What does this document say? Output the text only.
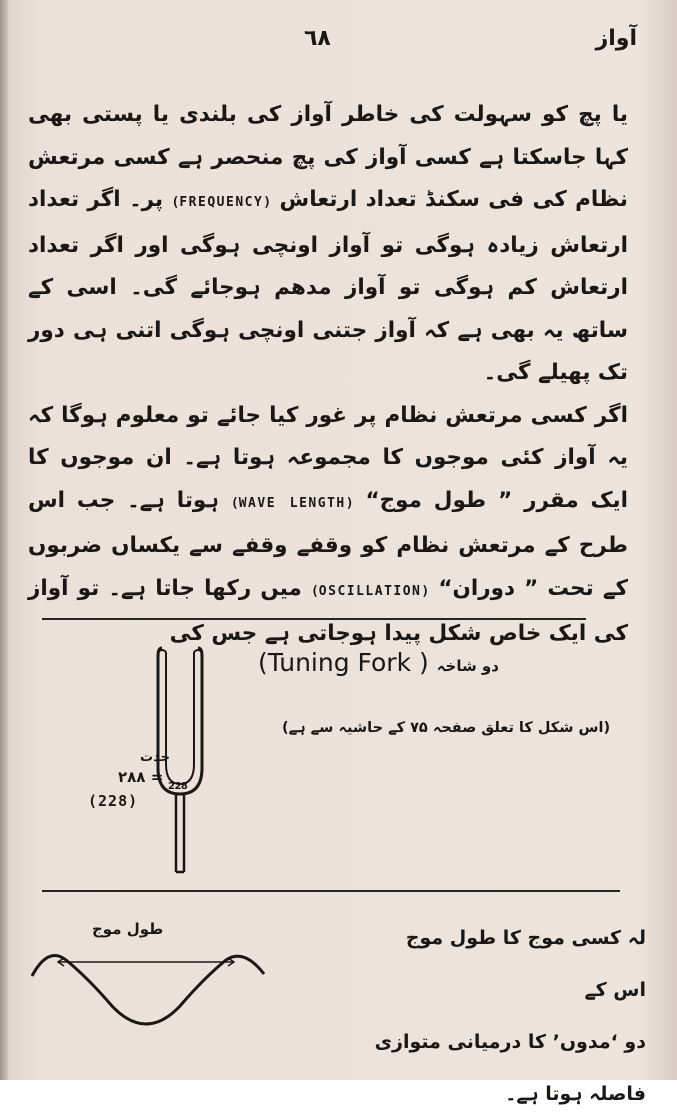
٦٨	آواز

یا پچ کو سہولت کی خاطر آواز کی بلندی یا پستی بھی کہا جاسکتا ہے کسی آواز کی پچ منحصر ہے کسی مرتعش نظام کی فی سکنڈ تعداد ارتعاش (FREQUENCY) پر۔ اگر تعداد ارتعاش زیادہ ہوگی تو آواز اونچی ہوگی اور اگر تعداد ارتعاش کم ہوگی تو آواز مدھم ہوجائے گی۔ اسی کے ساتھ یہ بھی ہے کہ آواز جتنی اونچی ہوگی اتنی ہی دور تک پھیلے گی۔

اگر کسی مرتعش نظام پر غور کیا جائے تو معلوم ہوگا کہ یہ آواز کئی موجوں کا مجموعہ ہوتا ہے۔ ان موجوں کا ایک مقرر ” طول موج“ (WAVE LENGTH) ہوتا ہے۔ جب اس طرح کے مرتعش نظام کو وقفے وقفے سے یکساں ضربوں کے تحت ” دوران“ (OSCILLATION) میں رکھا جاتا ہے۔ تو آواز کی ایک خاص شکل پیدا ہوجاتی ہے جس کی

(Tuning Fork ) دو شاخہ
(اس شکل کا تعلق صفحہ ۷۵ کے حاشیہ سے ہے)
228
حدت
۲۸۸ =
(228)
طول موج	لہ کسی موج کا طول موج اس کے

دو ‘مدوں’ کا درمیانی متوازی

فاصلہ ہوتا ہے۔
